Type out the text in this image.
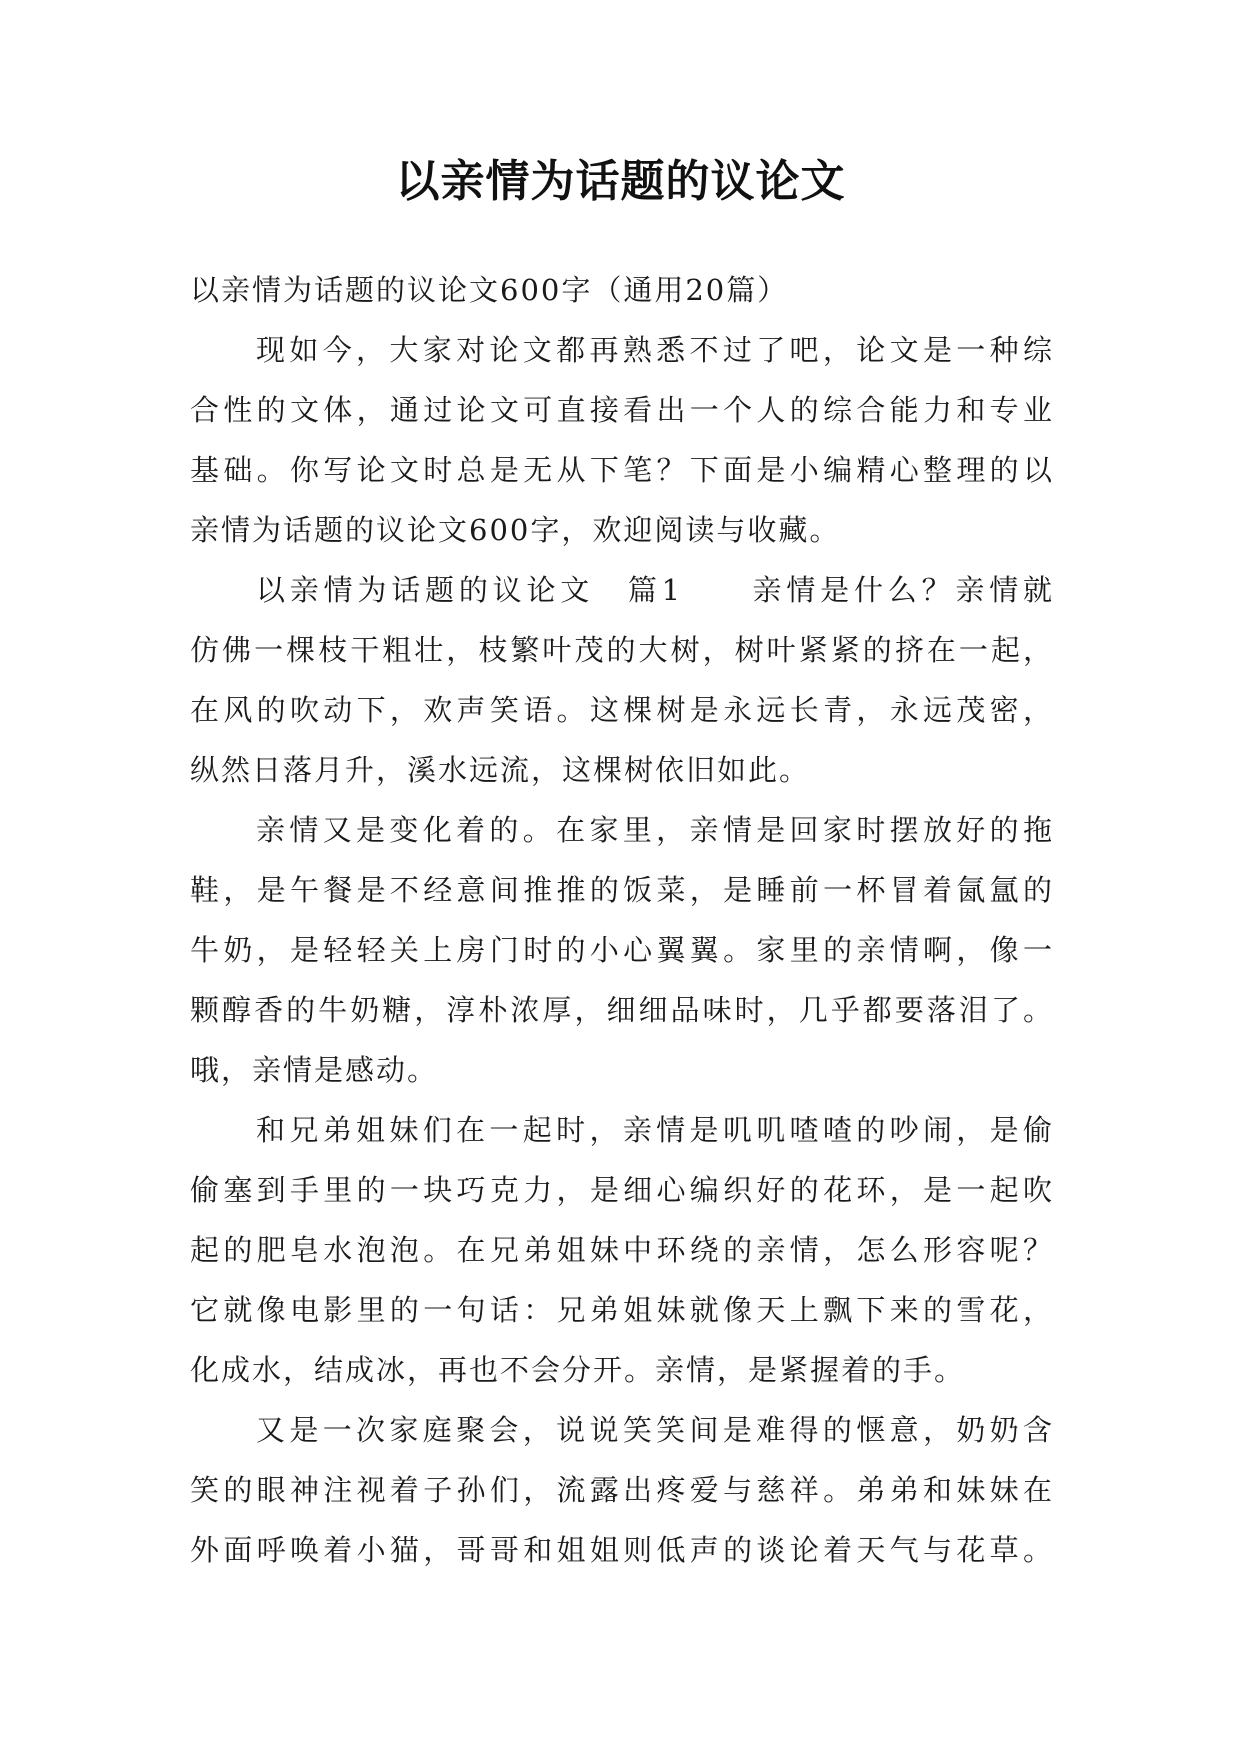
以亲情为话题的议论文
以亲情为话题的议论文600字（通用20篇）
现如今，大家对论文都再熟悉不过了吧，论文是一种综
合性的文体，通过论文可直接看出一个人的综合能力和专业
基础。你写论文时总是无从下笔？下面是小编精心整理的以
亲情为话题的议论文600字，欢迎阅读与收藏。
以亲情为话题的议论文　篇1　　亲情是什么？亲情就
仿佛一棵枝干粗壮，枝繁叶茂的大树，树叶紧紧的挤在一起，
在风的吹动下，欢声笑语。这棵树是永远长青，永远茂密，
纵然日落月升，溪水远流，这棵树依旧如此。
亲情又是变化着的。在家里，亲情是回家时摆放好的拖
鞋，是午餐是不经意间推推的饭菜，是睡前一杯冒着氤氲的
牛奶，是轻轻关上房门时的小心翼翼。家里的亲情啊，像一
颗醇香的牛奶糖，淳朴浓厚，细细品味时，几乎都要落泪了。
哦，亲情是感动。
和兄弟姐妹们在一起时，亲情是叽叽喳喳的吵闹，是偷
偷塞到手里的一块巧克力，是细心编织好的花环，是一起吹
起的肥皂水泡泡。在兄弟姐妹中环绕的亲情，怎么形容呢？
它就像电影里的一句话：兄弟姐妹就像天上飘下来的雪花，
化成水，结成冰，再也不会分开。亲情，是紧握着的手。
又是一次家庭聚会，说说笑笑间是难得的惬意，奶奶含
笑的眼神注视着子孙们，流露出疼爱与慈祥。弟弟和妹妹在
外面呼唤着小猫，哥哥和姐姐则低声的谈论着天气与花草。
